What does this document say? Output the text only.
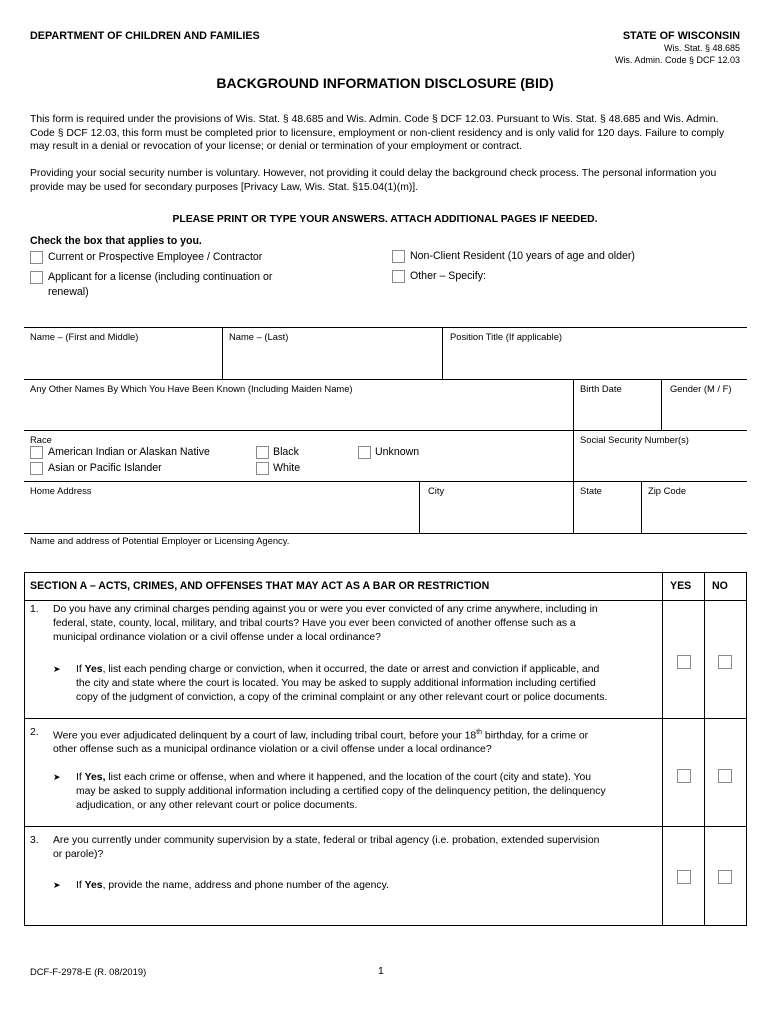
DEPARTMENT OF CHILDREN AND FAMILIES	STATE OF WISCONSIN
Wis. Stat. § 48.685
Wis. Admin. Code § DCF 12.03
BACKGROUND INFORMATION DISCLOSURE (BID)
This form is required under the provisions of Wis. Stat. § 48.685 and Wis. Admin. Code § DCF 12.03. Pursuant to Wis. Stat. § 48.685 and Wis. Admin. Code § DCF 12.03, this form must be completed prior to licensure, employment or non-client residency and is only valid for 120 days. Failure to comply may result in a denial or revocation of your license; or denial or termination of your employment or contract.
Providing your social security number is voluntary. However, not providing it could delay the background check process. The personal information you provide may be used for secondary purposes [Privacy Law, Wis. Stat. §15.04(1)(m)].
PLEASE PRINT OR TYPE YOUR ANSWERS. ATTACH ADDITIONAL PAGES IF NEEDED.
Check the box that applies to you.
Current or Prospective Employee / Contractor
Applicant for a license (including continuation or
renewal)
Non-Client Resident (10 years of age and older)
Other – Specify:
Name – (First and Middle)	Name – (Last)	Position Title (If applicable)
Any Other Names By Which You Have Been Known (Including Maiden Name)	Birth Date	Gender (M / F)
Race	Social Security Number(s)
American Indian or Alaskan Native
Asian or Pacific Islander
Black
White
Unknown
Home Address	City	State	Zip Code
Name and address of Potential Employer or Licensing Agency.
SECTION A – ACTS, CRIMES, AND OFFENSES THAT MAY ACT AS A BAR OR RESTRICTION	YES NO
1. Do you have any criminal charges pending against you or were you ever convicted of any crime anywhere, including in
federal, state, county, local, military, and tribal courts? Have you ever been convicted of another offense such as a
municipal ordinance violation or a civil offense under a local ordinance?
➤ If Yes, list each pending charge or conviction, when it occurred, the date or arrest and conviction if applicable, and
the city and state where the court is located. You may be asked to supply additional information including certified
copy of the judgment of conviction, a copy of the criminal complaint or any other relevant court or police documents.
2. Were you ever adjudicated delinquent by a court of law, including tribal court, before your 18th birthday, for a crime or
other offense such as a municipal ordinance violation or a civil offense under a local ordinance?
➤ If Yes, list each crime or offense, when and where it happened, and the location of the court (city and state). You
may be asked to supply additional information including a certified copy of the delinquency petition, the delinquency
adjudication, or any other relevant court or police documents.
3. Are you currently under community supervision by a state, federal or tribal agency (i.e. probation, extended supervision
or parole)?
➤ If Yes, provide the name, address and phone number of the agency.
DCF-F-2978-E (R. 08/2019)	1
